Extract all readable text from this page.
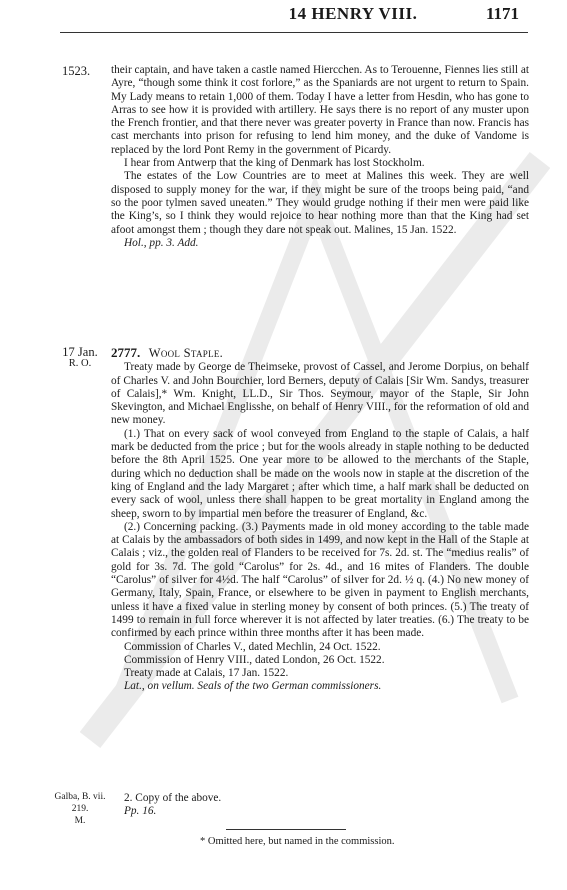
14 HENRY VIII.	1171
1523. their captain, and have taken a castle named Hiercchen. As to Terouenne, Fiennes lies still at Ayre, “though some think it cost forlore,” as the Spaniards are not urgent to return to Spain. My Lady means to retain 1,000 of them. Today I have a letter from Hesdin, who has gone to Arras to see how it is provided with artillery. He says there is no report of any muster upon the French frontier, and that there never was greater poverty in France than now. Francis has cast merchants into prison for refusing to lend him money, and the duke of Vandome is replaced by the lord Pont Remy in the government of Picardy.

I hear from Antwerp that the king of Denmark has lost Stockholm.

The estates of the Low Countries are to meet at Malines this week. They are well disposed to supply money for the war, if they might be sure of the troops being paid, “and so the poor tylmen saved uneaten.” They would grudge nothing if their men were paid like the King’s, so I think they would rejoice to hear nothing more than that the King had set afoot amongst them ; though they dare not speak out. Malines, 15 Jan. 1522.

Hol., pp. 3. Add.

17 Jan.
R. O.

2777. Wool Staple.

Treaty made by George de Theimseke, provost of Cassel, and Jerome Dorpius, on behalf of Charles V. and John Bourchier, lord Berners, deputy of Calais [Sir Wm. Sandys, treasurer of Calais],* Wm. Knight, LL.D., Sir Thos. Seymour, mayor of the Staple, Sir John Skevington, and Michael Englisshe, on behalf of Henry VIII., for the reformation of old and new money.

(1.) That on every sack of wool conveyed from England to the staple of Calais, a half mark be deducted from the price ; but for the wools already in staple nothing to be deducted before the 8th April 1525. One year more to be allowed to the merchants of the Staple, during which no deduction shall be made on the wools now in staple at the discretion of the king of England and the lady Margaret ; after which time, a half mark shall be deducted on every sack of wool, unless there shall happen to be great mortality in England among the sheep, sworn to by impartial men before the treasurer of England, &c.

(2.) Concerning packing. (3.) Payments made in old money according to the table made at Calais by the ambassadors of both sides in 1499, and now kept in the Hall of the Staple at Calais ; viz., the golden real of Flanders to be received for 7s. 2d. st. The “medius realis” of gold for 3s. 7d. The gold “Carolus” for 2s. 4d., and 16 mites of Flanders. The double “Carolus” of silver for 4½d. The half “Carolus” of silver for 2d. ½ q. (4.) No new money of Germany, Italy, Spain, France, or elsewhere to be given in payment to English merchants, unless it have a fixed value in sterling money by consent of both princes. (5.) The treaty of 1499 to remain in full force wherever it is not affected by later treaties. (6.) The treaty to be confirmed by each prince within three months after it has been made.

Commission of Charles V., dated Mechlin, 24 Oct. 1522.

Commission of Henry VIII., dated London, 26 Oct. 1522.

Treaty made at Calais, 17 Jan. 1522.

Lat., on vellum. Seals of the two German commissioners.

Galba, B. vii. 219.
M.

2. Copy of the above.

Pp. 16.

* Omitted here, but named in the commission.
